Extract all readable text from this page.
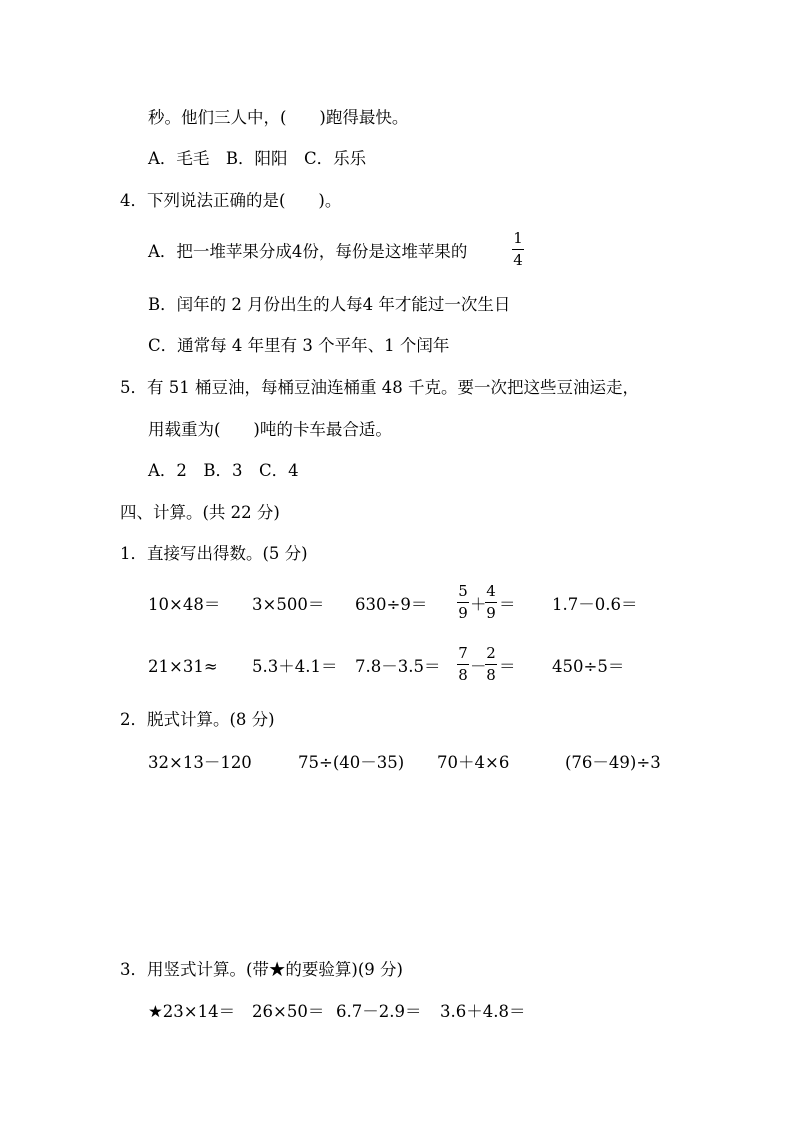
秒。他们三人中，(　　)跑得最快。
A．毛毛　B．阳阳　C．乐乐
4．下列说法正确的是(　　)。
A．把一堆苹果分成4份，每份是这堆苹果的
1
4
B．闰年的 2 月份出生的人每4 年才能过一次生日
C．通常每 4 年里有 3 个平年、1 个闰年
5．有 51 桶豆油，每桶豆油连桶重 48 千克。要一次把这些豆油运走，
用载重为(　　)吨的卡车最合适。
A．2　B．3　C．4
四、计算。(共 22 分)
1．直接写出得数。(5 分)
10×48＝ 3×500＝ 630÷9＝
5
9 ＋
4
9 ＝ 1.7－0.6＝
21×31≈ 5.3＋4.1＝ 7.8－3.5＝
7
8 －
2
8 ＝ 450÷5＝
2．脱式计算。(8 分)
32×13－120	75÷(40－35) 70＋4×6	(76－49)÷3
3．用竖式计算。(带★的要验算)(9 分)
★23×14＝ 26×50＝ 6.7－2.9＝ 3.6＋4.8＝
